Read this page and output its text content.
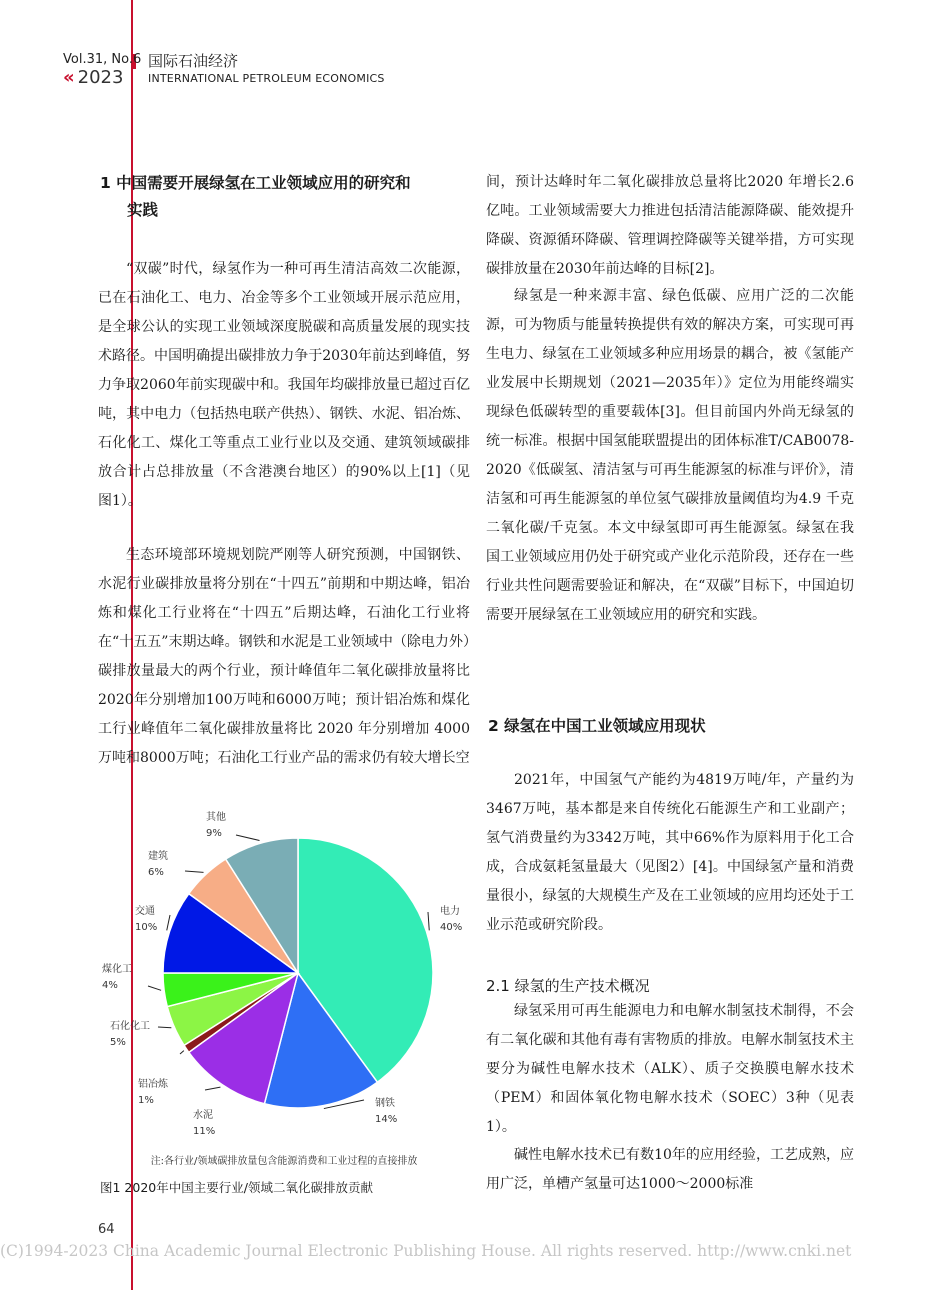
Vol.31, No.6
« 2023
国际石油经济
INTERNATIONAL PETROLEUM ECONOMICS
1 中国需要开展绿氢在工业领域应用的研究和
实践

“双碳”时代，绿氢作为一种可再生清洁高效二次能源，已在石油化工、电力、冶金等多个工业领域开展示范应用，是全球公认的实现工业领域深度脱碳和高质量发展的现实技术路径。中国明确提出碳排放力争于2030年前达到峰值，努力争取2060年前实现碳中和。我国年均碳排放量已超过百亿吨，其中电力（包括热电联产供热）、钢铁、水泥、铝冶炼、石化化工、煤化工等重点工业行业以及交通、建筑领域碳排放合计占总排放量（不含港澳台地区）的90%以上[1]（见图1）。

生态环境部环境规划院严刚等人研究预测，中国钢铁、水泥行业碳排放量将分别在“十四五”前期和中期达峰，铝冶炼和煤化工行业将在“十四五”后期达峰，石油化工行业将在“十五五”末期达峰。钢铁和水泥是工业领域中（除电力外）碳排放量最大的两个行业，预计峰值年二氧化碳排放量将比2020年分别增加100万吨和6000万吨；预计铝冶炼和煤化工行业峰值年二氧化碳排放量将比 2020 年分别增加 4000万吨和8000万吨；石油化工行业产品的需求仍有较大增长空

电力
40%
钢铁
14%
水泥
11%
铝冶炼
1%
石化化工
5%
煤化工
4%
交通
10%
建筑
6%
其他
9%
注:各行业/领域碳排放量包含能源消费和工业过程的直接排放
图1 2020年中国主要行业/领域二氧化碳排放贡献

间，预计达峰时年二氧化碳排放总量将比2020 年增长2.6亿吨。工业领域需要大力推进包括清洁能源降碳、能效提升降碳、资源循环降碳、管理调控降碳等关键举措，方可实现碳排放量在2030年前达峰的目标[2]。

绿氢是一种来源丰富、绿色低碳、应用广泛的二次能源，可为物质与能量转换提供有效的解决方案，可实现可再生电力、绿氢在工业领域多种应用场景的耦合，被《氢能产业发展中长期规划（2021—2035年）》定位为用能终端实现绿色低碳转型的重要载体[3]。但目前国内外尚无绿氢的统一标准。根据中国氢能联盟提出的团体标准T/CAB0078-2020《低碳氢、清洁氢与可再生能源氢的标准与评价》，清洁氢和可再生能源氢的单位氢气碳排放量阈值均为4.9 千克二氧化碳/千克氢。本文中绿氢即可再生能源氢。绿氢在我国工业领域应用仍处于研究或产业化示范阶段，还存在一些行业共性问题需要验证和解决，在“双碳”目标下，中国迫切需要开展绿氢在工业领域应用的研究和实践。

2 绿氢在中国工业领域应用现状

2021年，中国氢气产能约为4819万吨/年，产量约为3467万吨，基本都是来自传统化石能源生产和工业副产；氢气消费量约为3342万吨，其中66%作为原料用于化工合成，合成氨耗氢量最大（见图2）[4]。中国绿氢产量和消费量很小，绿氢的大规模生产及在工业领域的应用均还处于工业示范或研究阶段。

2.1 绿氢的生产技术概况

绿氢采用可再生能源电力和电解水制氢技术制得，不会有二氧化碳和其他有毒有害物质的排放。电解水制氢技术主要分为碱性电解水技术（ALK）、质子交换膜电解水技术（PEM）和固体氧化物电解水技术（SOEC）3种（见表1）。

碱性电解水技术已有数10年的应用经验，工艺成熟，应用广泛，单槽产氢量可达1000～2000标准

64
(C)1994-2023 China Academic Journal Electronic Publishing House. All rights reserved. http://www.cnki.net
